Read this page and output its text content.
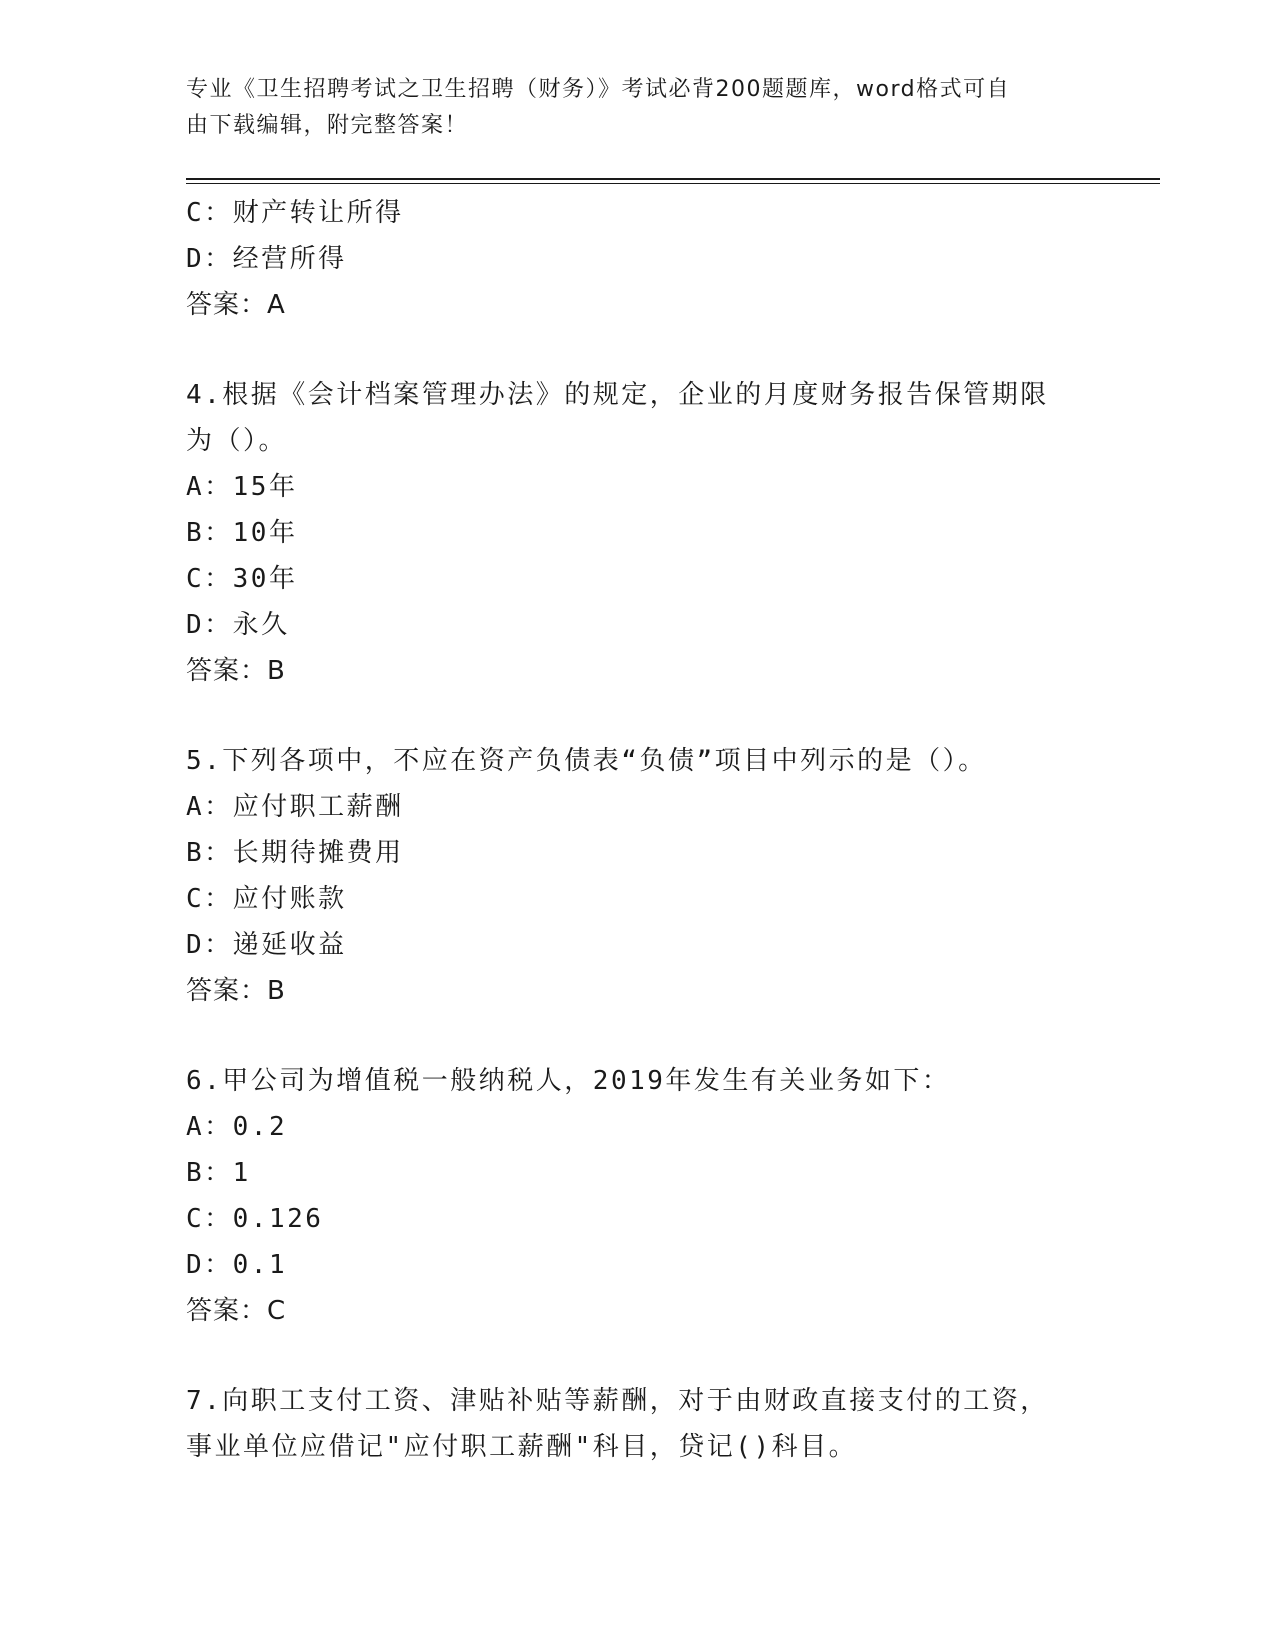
专业《卫生招聘考试之卫生招聘（财务）》考试必背200题题库，word格式可自
由下载编辑，附完整答案！
C：财产转让所得
D：经营所得
答案：A
4.根据《会计档案管理办法》的规定，企业的月度财务报告保管期限
为（）。
A：15年
B：10年
C：30年
D：永久
答案：B
5.下列各项中，不应在资产负债表“负债”项目中列示的是（）。
A：应付职工薪酬
B：长期待摊费用
C：应付账款
D：递延收益
答案：B
6.甲公司为增值税一般纳税人，2019年发生有关业务如下：
A：0.2
B：1
C：0.126
D：0.1
答案：C
7.向职工支付工资、津贴补贴等薪酬，对于由财政直接支付的工资，
事业单位应借记"应付职工薪酬"科目，贷记()科目。
